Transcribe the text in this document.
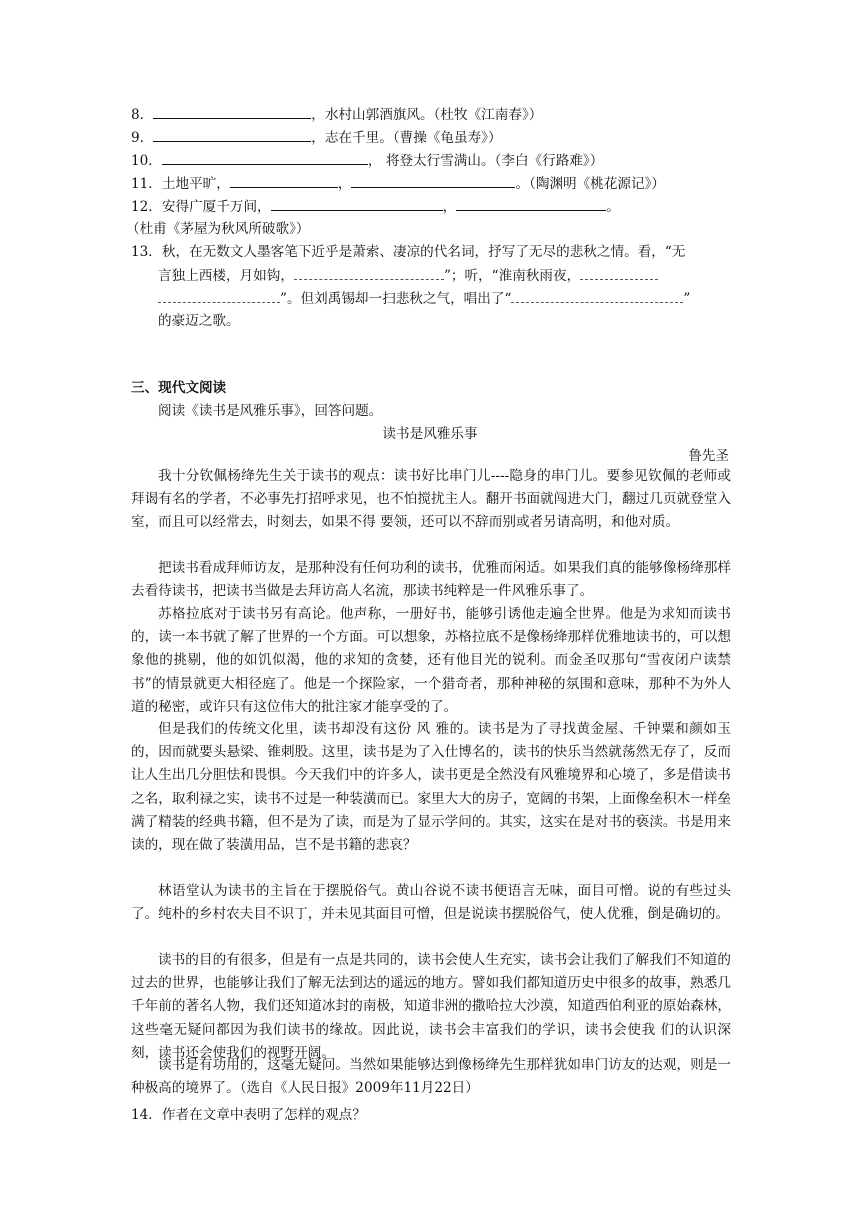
8．	，水村山郭酒旗风。（杜牧《江南春》）
9．	，志在千里。（曹操《龟虽寿》）
10．	， 将登太行雪满山。（李白《行路难》）
11．土地平旷，	，	。（陶渊明《桃花源记》）
12．安得广厦千万间，	，	。
（杜甫《茅屋为秋风所破歌》）
13．秋，在无数文人墨客笔下近乎是萧索、凄凉的代名词，抒写了无尽的悲秋之情。看，“无
言独上西楼，月如钩，	”；听，“淮南秋雨夜，
”。但刘禹锡却一扫悲秋之气，唱出了“	”
的豪迈之歌。
三、现代文阅读
阅读《读书是风雅乐事》，回答问题。
读书是风雅乐事
鲁先圣
我十分钦佩杨绛先生关于读书的观点：读书好比串门儿----隐身的串门儿。要参见钦佩的老师或拜谒有名的学者，不必事先打招呼求见，也不怕搅扰主人。翻开书面就闯进大门，翻过几页就登堂入室，而且可以经常去，时刻去，如果不得 要领，还可以不辞而别或者另请高明，和他对质。
把读书看成拜师访友，是那种没有任何功利的读书，优雅而闲适。如果我们真的能够像杨绛那样去看待读书，把读书当做是去拜访高人名流，那读书纯粹是一件风雅乐事了。
苏格拉底对于读书另有高论。他声称，一册好书，能够引诱他走遍全世界。他是为求知而读书的，读一本书就了解了世界的一个方面。可以想象，苏格拉底不是像杨绛那样优雅地读书的，可以想象他的挑剔，他的如饥似渴，他的求知的贪婪，还有他目光的锐利。而金圣叹那句“雪夜闭户读禁书”的情景就更大相径庭了。他是一个探险家，一个猎奇者，那种神秘的氛围和意味，那种不为外人道的秘密，或许只有这位伟大的批注家才能享受的了。
但是我们的传统文化里，读书却没有这份 风 雅的。读书是为了寻找黄金屋、千钟粟和颜如玉的，因而就要头悬梁、锥刺股。这里，读书是为了入仕博名的，读书的快乐当然就荡然无存了，反而让人生出几分胆怯和畏惧。今天我们中的许多人，读书更是全然没有风雅境界和心境了，多是借读书之名，取利禄之实，读书不过是一种装潢而已。家里大大的房子，宽阔的书架，上面像垒积木一样垒满了精装的经典书籍，但不是为了读，而是为了显示学问的。其实，这实在是对书的亵渎。书是用来读的，现在做了装潢用品，岂不是书籍的悲哀？
林语堂认为读书的主旨在于摆脱俗气。黄山谷说不读书便语言无味，面目可憎。说的有些过头了。纯朴的乡村农夫目不识丁，并未见其面目可憎，但是说读书摆脱俗气，使人优雅，倒是确切的。
读书的目的有很多，但是有一点是共同的，读书会使人生充实，读书会让我们了解我们不知道的过去的世界，也能够让我们了解无法到达的遥远的地方。譬如我们都知道历史中很多的故事，熟悉几千年前的著名人物，我们还知道冰封的南极，知道非洲的撒哈拉大沙漠，知道西伯利亚的原始森林，这些毫无疑问都因为我们读书的缘故。因此说，读书会丰富我们的学识，读书会使我 们的认识深刻，读书还会使我们的视野开阔。
读书是有功用的，这毫无疑问。当然如果能够达到像杨绛先生那样犹如串门访友的达观，则是一种极高的境界了。（选自《人民日报》2009年11月22日）
14．作者在文章中表明了怎样的观点？
